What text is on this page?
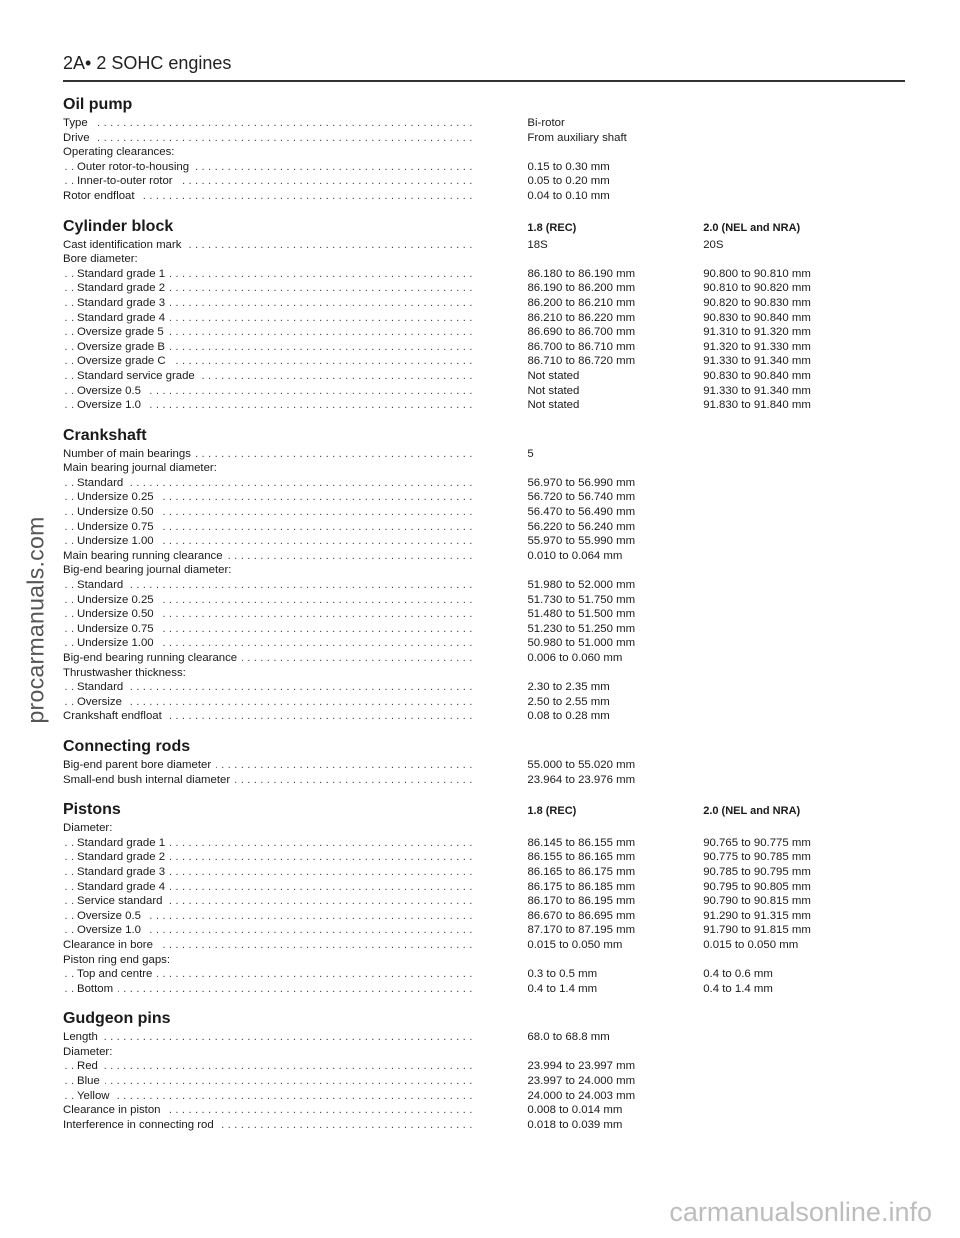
2A• 2 SOHC engines
procarmanuals.com
carmanualsonline.info
Oil pump
Type . . .	Bi-rotor
Drive . . .	From auxiliary shaft
Operating clearances:
Outer rotor-to-housing . . .	0.15 to 0.30 mm
Inner-to-outer rotor . . .	0.05 to 0.20 mm
Rotor endfloat . . .	0.04 to 0.10 mm
Cylinder block	1.8 (REC)	2.0 (NEL and NRA)
Cast identification mark . . .	18S	20S
Bore diameter:
Standard grade 1 . . .	86.180 to 86.190 mm	90.800 to 90.810 mm
Standard grade 2 . . .	86.190 to 86.200 mm	90.810 to 90.820 mm
Standard grade 3 . . .	86.200 to 86.210 mm	90.820 to 90.830 mm
Standard grade 4 . . .	86.210 to 86.220 mm	90.830 to 90.840 mm
Oversize grade 5 . . .	86.690 to 86.700 mm	91.310 to 91.320 mm
Oversize grade B . . .	86.700 to 86.710 mm	91.320 to 91.330 mm
Oversize grade C . . .	86.710 to 86.720 mm	91.330 to 91.340 mm
Standard service grade . . .	Not stated	90.830 to 90.840 mm
Oversize 0.5 . . .	Not stated	91.330 to 91.340 mm
Oversize 1.0 . . .	Not stated	91.830 to 91.840 mm
Crankshaft
Number of main bearings . . .	5
Main bearing journal diameter:
Standard . . .	56.970 to 56.990 mm
Undersize 0.25 . . .	56.720 to 56.740 mm
Undersize 0.50 . . .	56.470 to 56.490 mm
Undersize 0.75 . . .	56.220 to 56.240 mm
Undersize 1.00 . . .	55.970 to 55.990 mm
Main bearing running clearance . . .	0.010 to 0.064 mm
Big-end bearing journal diameter:
Standard . . .	51.980 to 52.000 mm
Undersize 0.25 . . .	51.730 to 51.750 mm
Undersize 0.50 . . .	51.480 to 51.500 mm
Undersize 0.75 . . .	51.230 to 51.250 mm
Undersize 1.00 . . .	50.980 to 51.000 mm
Big-end bearing running clearance . . .	0.006 to 0.060 mm
Thrustwasher thickness:
Standard . . .	2.30 to 2.35 mm
Oversize . . .	2.50 to 2.55 mm
Crankshaft endfloat . . .	0.08 to 0.28 mm
Connecting rods
Big-end parent bore diameter . . .	55.000 to 55.020 mm
Small-end bush internal diameter . . .	23.964 to 23.976 mm
Pistons	1.8 (REC)	2.0 (NEL and NRA)
Diameter:
Standard grade 1 . . .	86.145 to 86.155 mm	90.765 to 90.775 mm
Standard grade 2 . . .	86.155 to 86.165 mm	90.775 to 90.785 mm
Standard grade 3 . . .	86.165 to 86.175 mm	90.785 to 90.795 mm
Standard grade 4 . . .	86.175 to 86.185 mm	90.795 to 90.805 mm
Service standard . . .	86.170 to 86.195 mm	90.790 to 90.815 mm
Oversize 0.5 . . .	86.670 to 86.695 mm	91.290 to 91.315 mm
Oversize 1.0 . . .	87.170 to 87.195 mm	91.790 to 91.815 mm
Clearance in bore . . .	0.015 to 0.050 mm	0.015 to 0.050 mm
Piston ring end gaps:
Top and centre . . .	0.3 to 0.5 mm	0.4 to 0.6 mm
Bottom . . .	0.4 to 1.4 mm	0.4 to 1.4 mm
Gudgeon pins
Length . . .	68.0 to 68.8 mm
Diameter:
Red . . .	23.994 to 23.997 mm
Blue . . .	23.997 to 24.000 mm
Yellow . . .	24.000 to 24.003 mm
Clearance in piston . . .	0.008 to 0.014 mm
Interference in connecting rod . . .	0.018 to 0.039 mm
